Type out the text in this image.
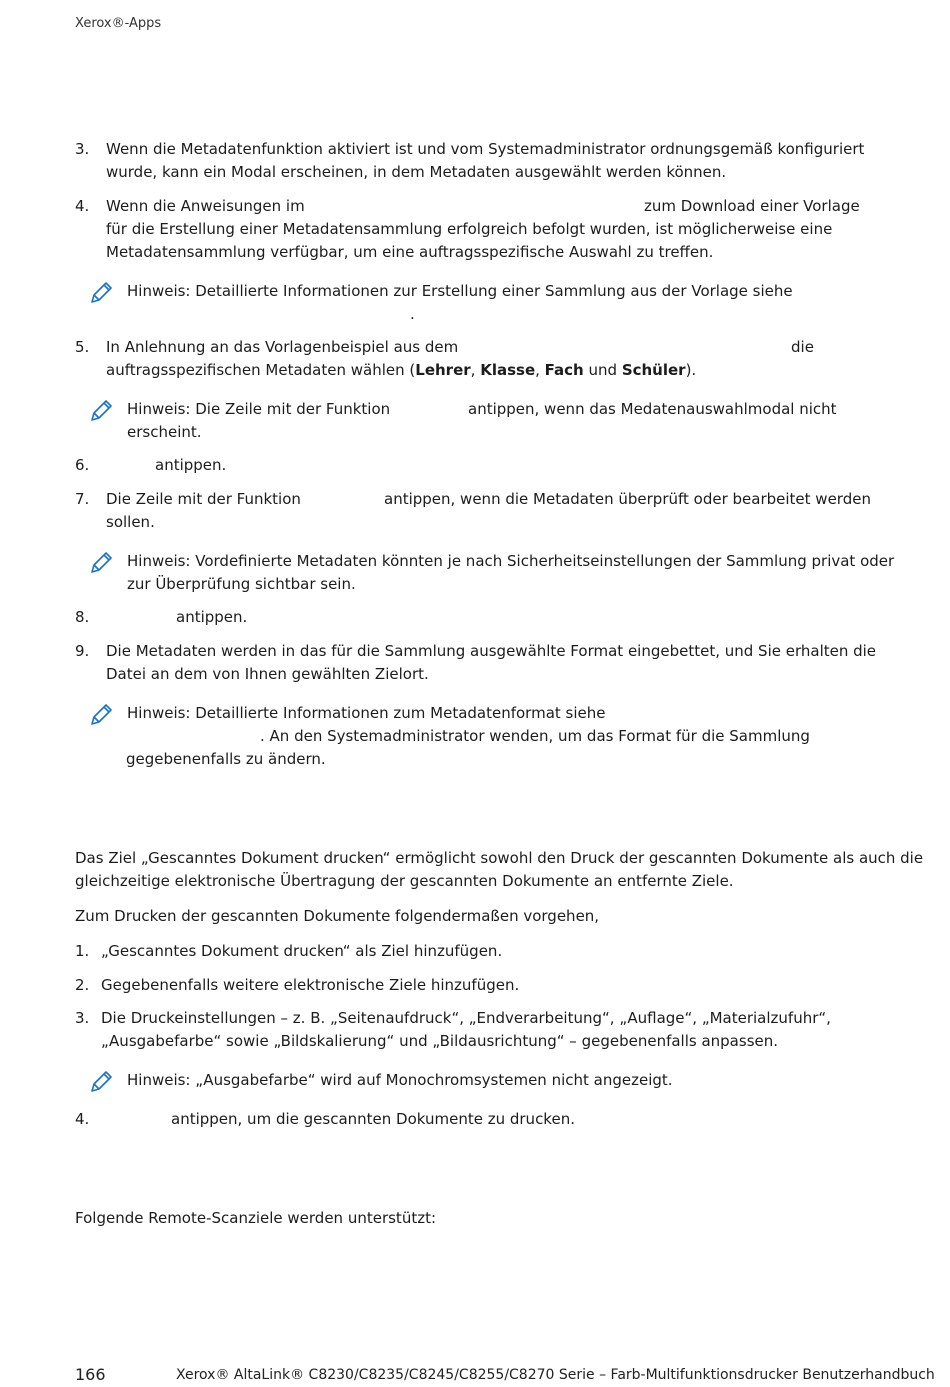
Xerox®-Apps
3.	Wenn die Metadatenfunktion aktiviert ist und vom Systemadministrator ordnungsgemäß konfiguriert
wurde, kann ein Modal erscheinen, in dem Metadaten ausgewählt werden können.
4.	Wenn die Anweisungen im	zum Download einer Vorlage
für die Erstellung einer Metadatensammlung erfolgreich befolgt wurden, ist möglicherweise eine
Metadatensammlung verfügbar, um eine auftragsspezifische Auswahl zu treffen.
Hinweis: Detaillierte Informationen zur Erstellung einer Sammlung aus der Vorlage siehe
.
5.	In Anlehnung an das Vorlagenbeispiel aus dem	die
auftragsspezifischen Metadaten wählen (Lehrer, Klasse, Fach und Schüler).
Hinweis: Die Zeile mit der Funktion	antippen, wenn das Medatenauswahlmodal nicht
erscheint.
6.	antippen.
7.	Die Zeile mit der Funktion	antippen, wenn die Metadaten überprüft oder bearbeitet werden
sollen.
Hinweis: Vordefinierte Metadaten könnten je nach Sicherheitseinstellungen der Sammlung privat oder
zur Überprüfung sichtbar sein.
8.	antippen.
9.	Die Metadaten werden in das für die Sammlung ausgewählte Format eingebettet, und Sie erhalten die
Datei an dem von Ihnen gewählten Zielort.
Hinweis: Detaillierte Informationen zum Metadatenformat siehe
. An den Systemadministrator wenden, um das Format für die Sammlung
gegebenenfalls zu ändern.
Das Ziel „Gescanntes Dokument drucken“ ermöglicht sowohl den Druck der gescannten Dokumente als auch die
gleichzeitige elektronische Übertragung der gescannten Dokumente an entfernte Ziele.
Zum Drucken der gescannten Dokumente folgendermaßen vorgehen,
1. „Gescanntes Dokument drucken“ als Ziel hinzufügen.
2. Gegebenenfalls weitere elektronische Ziele hinzufügen.
3. Die Druckeinstellungen – z. B. „Seitenaufdruck“, „Endverarbeitung“, „Auflage“, „Materialzufuhr“,
„Ausgabefarbe“ sowie „Bildskalierung“ und „Bildausrichtung“ – gegebenenfalls anpassen.
Hinweis: „Ausgabefarbe“ wird auf Monochromsystemen nicht angezeigt.
4.	antippen, um die gescannten Dokumente zu drucken.
Folgende Remote-Scanziele werden unterstützt:
166	Xerox® AltaLink® C8230/C8235/C8245/C8255/C8270 Serie – Farb-Multifunktionsdrucker Benutzerhandbuch
